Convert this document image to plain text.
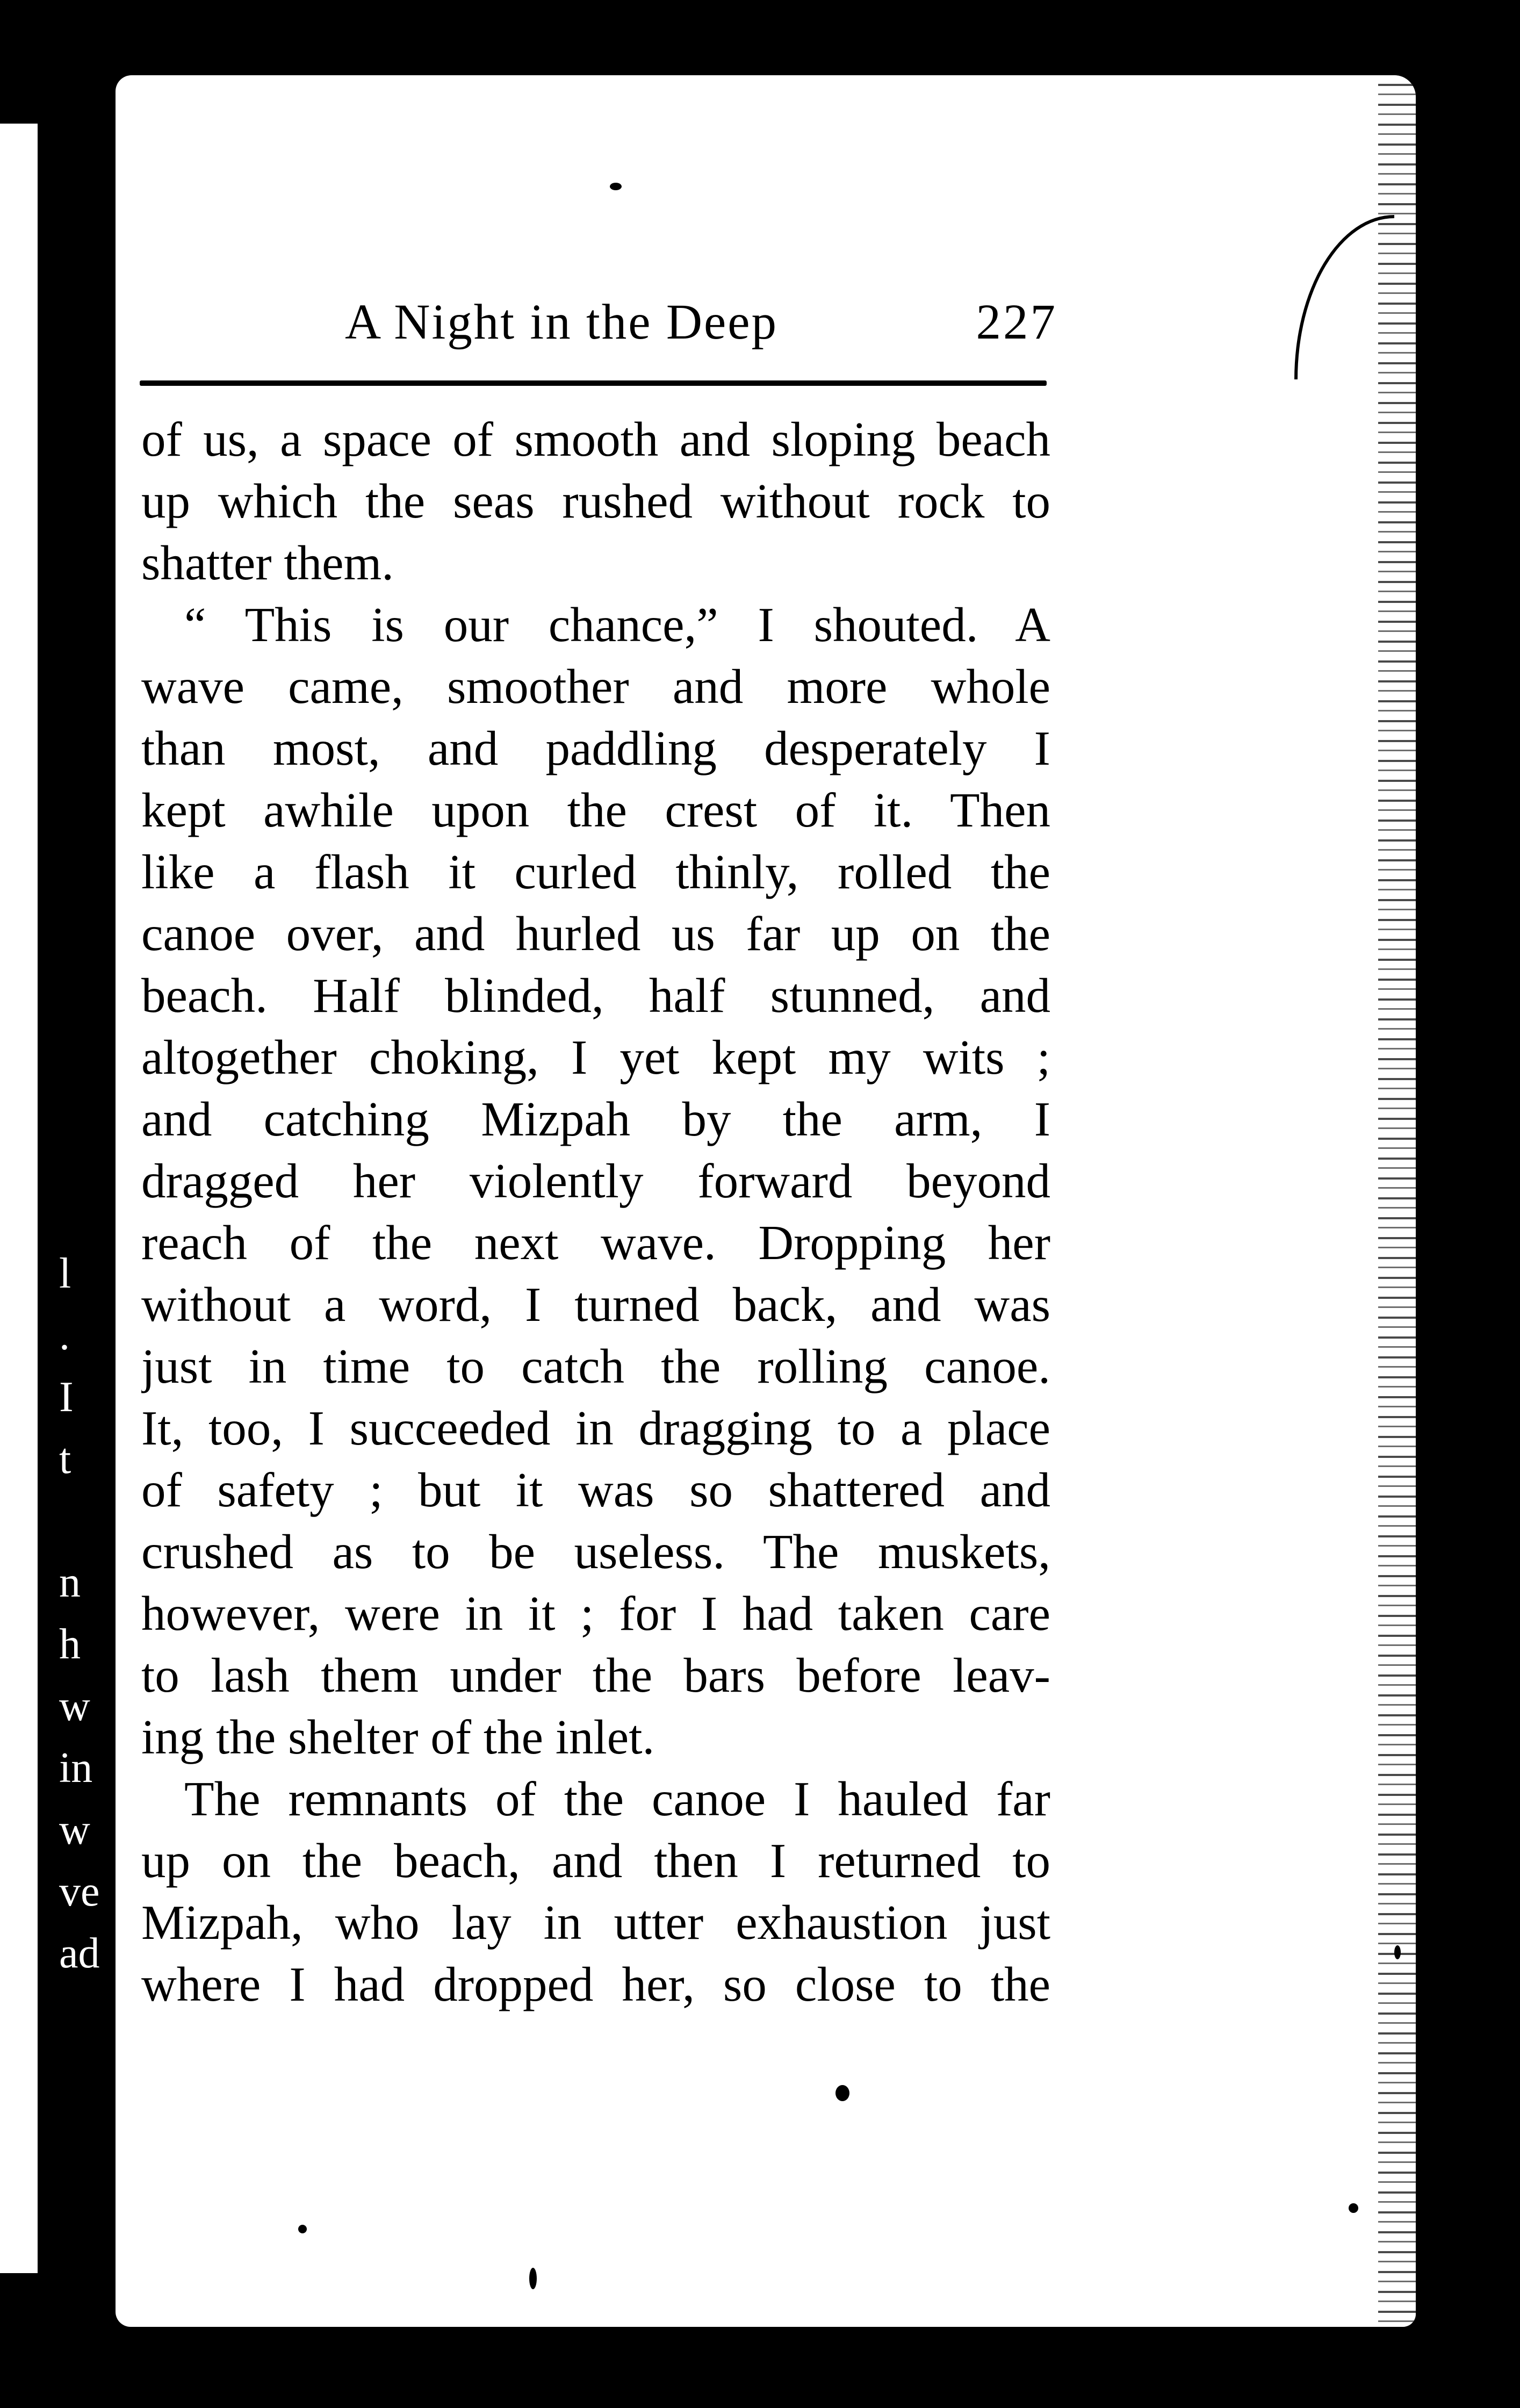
l
.
I
t
n
h
w
in
w
ve
ad
A Night in the Deep	227
of us, a space of smooth and sloping beach
up which the seas rushed without rock to
shatter them.
“ This is our chance,” I shouted. A
wave came, smoother and more whole
than most, and paddling desperately I
kept awhile upon the crest of it. Then
like a flash it curled thinly, rolled the
canoe over, and hurled us far up on the
beach. Half blinded, half stunned, and
altogether choking, I yet kept my wits ;
and catching Mizpah by the arm, I
dragged her violently forward beyond
reach of the next wave. Dropping her
without a word, I turned back, and was
just in time to catch the rolling canoe.
It, too, I succeeded in dragging to a place
of safety ; but it was so shattered and
crushed as to be useless. The muskets,
however, were in it ; for I had taken care
to lash them under the bars before leav-
ing the shelter of the inlet.
The remnants of the canoe I hauled far
up on the beach, and then I returned to
Mizpah, who lay in utter exhaustion just
where I had dropped her, so close to the
